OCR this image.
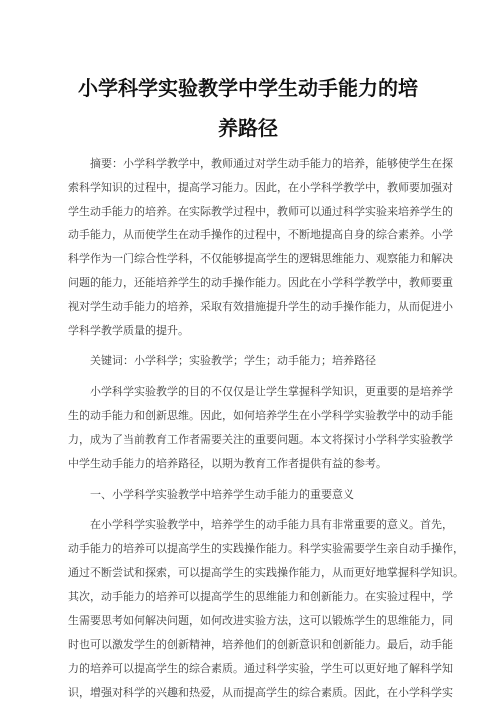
小学科学实验教学中学生动手能力的培
养路径
摘要：小学科学教学中，教师通过对学生动手能力的培养，能够使学生在探
索科学知识的过程中，提高学习能力。因此，在小学科学教学中，教师要加强对
学生动手能力的培养。在实际教学过程中，教师可以通过科学实验来培养学生的
动手能力，从而使学生在动手操作的过程中，不断地提高自身的综合素养。小学
科学作为一门综合性学科，不仅能够提高学生的逻辑思维能力、观察能力和解决
问题的能力，还能培养学生的动手操作能力。因此在小学科学教学中，教师要重
视对学生动手能力的培养，采取有效措施提升学生的动手操作能力，从而促进小
学科学教学质量的提升。
关键词：小学科学；实验教学；学生；动手能力；培养路径
小学科学实验教学的目的不仅仅是让学生掌握科学知识，更重要的是培养学
生的动手能力和创新思维。因此，如何培养学生在小学科学实验教学中的动手能
力，成为了当前教育工作者需要关注的重要问题。本文将探讨小学科学实验教学
中学生动手能力的培养路径，以期为教育工作者提供有益的参考。
一、小学科学实验教学中培养学生动手能力的重要意义
在小学科学实验教学中，培养学生的动手能力具有非常重要的意义。首先，
动手能力的培养可以提高学生的实践操作能力。科学实验需要学生亲自动手操作，
通过不断尝试和探索，可以提高学生的实践操作能力，从而更好地掌握科学知识。
其次，动手能力的培养可以提高学生的思维能力和创新能力。在实验过程中，学
生需要思考如何解决问题，如何改进实验方法，这可以锻炼学生的思维能力，同
时也可以激发学生的创新精神，培养他们的创新意识和创新能力。最后，动手能
力的培养可以提高学生的综合素质。通过科学实验，学生可以更好地了解科学知
识，增强对科学的兴趣和热爱，从而提高学生的综合素质。因此，在小学科学实
